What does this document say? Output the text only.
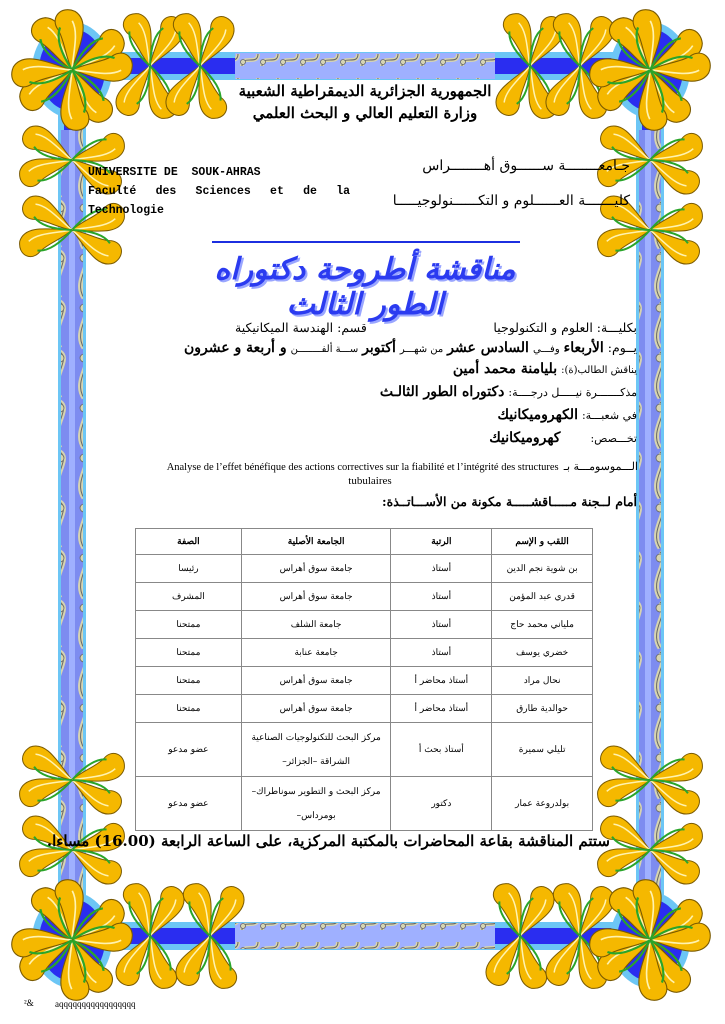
الجمهورية الجزائرية الديمقراطية الشعبية
وزارة التعليم العالي و البحث العلمي
UNIVERSITE DE  SOUK-AHRAS
Faculté des Sciences et de la Technologie
جـامعــــــــة ســــــوق أهــــــــراس
كليـــــــة العــــــلوم و التكــــــنولوجيـــــا
مناقشة أطروحة دكتوراه الطور الثالث
بكليـــة: العلوم و التكنولوجيا
قسم: الهندسة الميكانيكية
يــوم: الأربعاء وفـــي السادس عشر من شهـــر أكتوبر ســـة ألفــــــــن و أربعة و عشرون
يناقش الطالب(ة): بلیامنة محمد أمین
مذكـــــــرة نيـــــل درجــــة: دكتوراه الطور الثالـث
في شعبـــة: الكهروميكانيك
تخـــصص:  كهروميكانيك
الـــموسومـــة بـ Analyse de l’effet bénéfique des actions correctives sur la fiabilité et l’intégrité des structures
tubulaires
أمام لــجنة مـــــاقشـــــة مكونة من الأســـاتــذة:
اللقب و الإسم	الرتبة	الجامعة الأصلية	الصفة
بن شوية نجم الدين	أستاذ	جامعة سوق أهراس	رئيسا
قدري عبد المؤمن	أستاذ	جامعة سوق أهراس	المشرف
ملياني محمد حاج	أستاذ	جامعة الشلف	ممتحنا
خضري يوسف	أستاذ	جامعة عنابة	ممتحنا
نحال مراد	أستاذ محاضر أ	جامعة سوق أهراس	ممتحنا
حوالدية طارق	أستاذ محاضر أ	جامعة سوق أهراس	ممتحنا
تليلي سميرة	أستاذ بحث أ	مركز البحث للتكنولوجيات الصناعية الشراقة –الجزائر–	عضو مدعو
بولدروعة عمار	دكتور	مركز البحث و التطوير سوناطراك– بومرداس–	عضو مدعو
ستتم المناقشة بقاعة المحاضرات بالمكتبة المركزية، على الساعة الرابعة (16.00) مساءا.
²& aqqqqqqqqqqqqqqqqq
